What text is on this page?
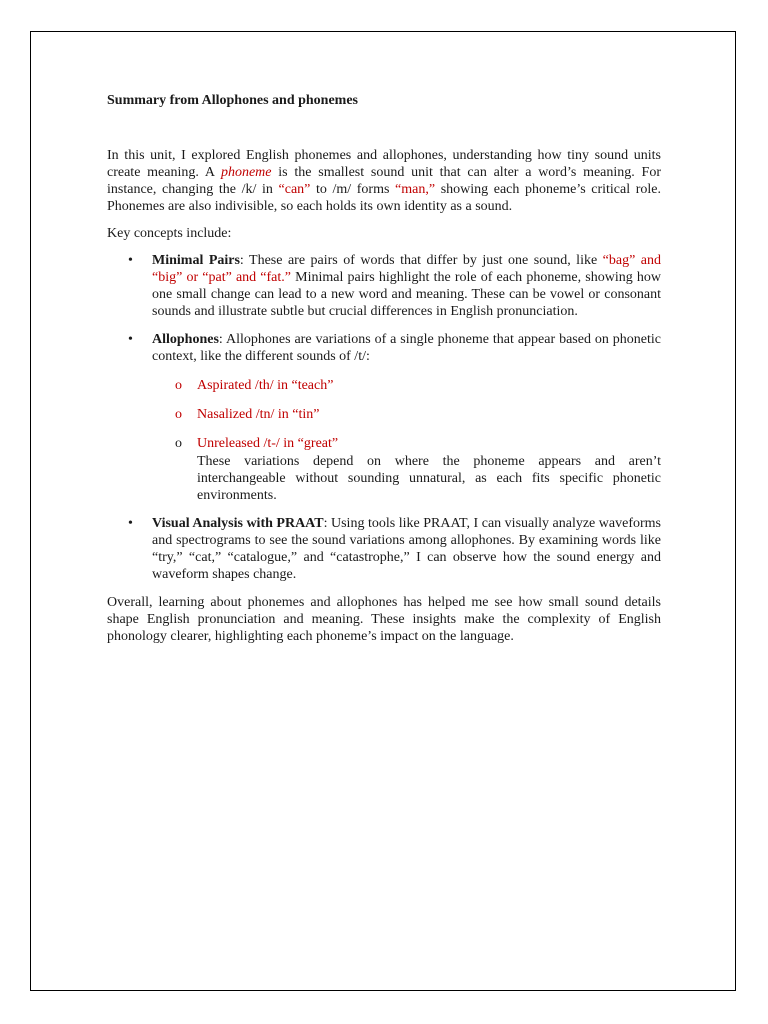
Summary from Allophones and phonemes

In this unit, I explored English phonemes and allophones, understanding how tiny sound units create meaning. A phoneme is the smallest sound unit that can alter a word’s meaning. For instance, changing the /k/ in “can” to /m/ forms “man,” showing each phoneme’s critical role. Phonemes are also indivisible, so each holds its own identity as a sound.

Key concepts include:

• Minimal Pairs: These are pairs of words that differ by just one sound, like “bag” and “big” or “pat” and “fat.” Minimal pairs highlight the role of each phoneme, showing how one small change can lead to a new word and meaning. These can be vowel or consonant sounds and illustrate subtle but crucial differences in English pronunciation.
• Allophones: Allophones are variations of a single phoneme that appear based on phonetic context, like the different sounds of /t/:
o Aspirated /th/ in “teach”
o Nasalized /tn/ in “tin”
o Unreleased /t-/ in “great”
These variations depend on where the phoneme appears and aren’t interchangeable without sounding unnatural, as each fits specific phonetic environments.
• Visual Analysis with PRAAT: Using tools like PRAAT, I can visually analyze waveforms and spectrograms to see the sound variations among allophones. By examining words like “try,” “cat,” “catalogue,” and “catastrophe,” I can observe how the sound energy and waveform shapes change.

Overall, learning about phonemes and allophones has helped me see how small sound details shape English pronunciation and meaning. These insights make the complexity of English phonology clearer, highlighting each phoneme’s impact on the language.
